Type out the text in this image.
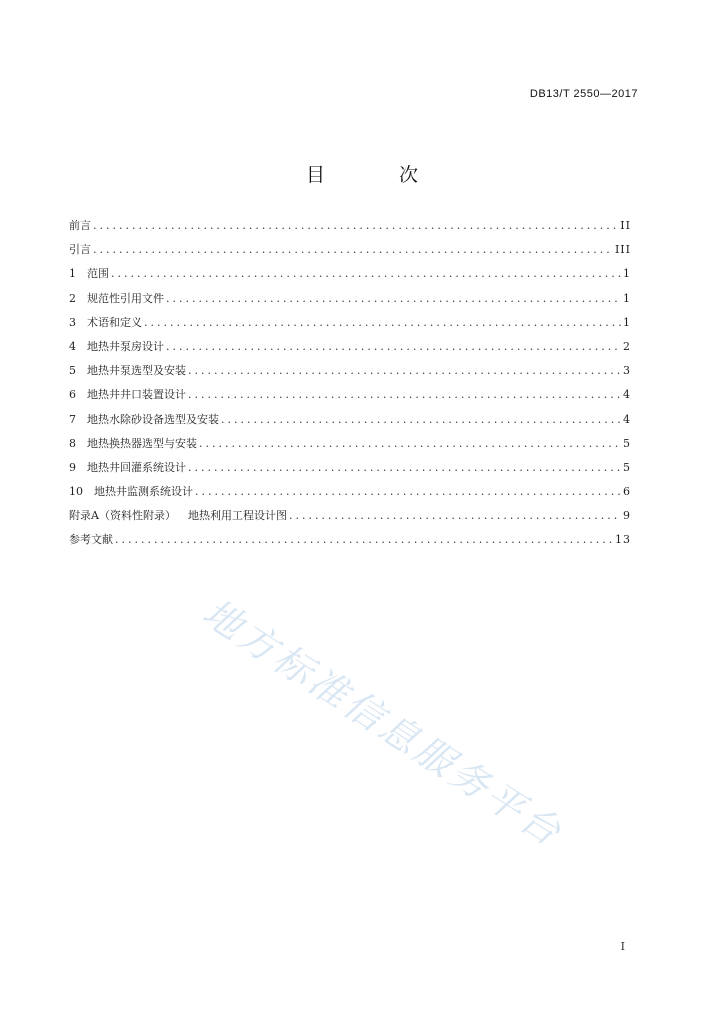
DB13/T 2550—2017
目 次
前言 .....	II
引言 .....	III
1 范围 .....	1
2 规范性引用文件 .....	1
3 术语和定义 .....	1
4 地热井泵房设计 .....	2
5 地热井泵选型及安装 .....	3
6 地热井井口装置设计 .....	4
7 地热水除砂设备选型及安装 .....	4
8 地热换热器选型与安装 .....	5
9 地热井回灌系统设计 .....	5
10 地热井监测系统设计 .....	6
附录A（资料性附录） 地热利用工程设计图 .....	9
参考文献 .....	13
地方标准信息服务平台
I
